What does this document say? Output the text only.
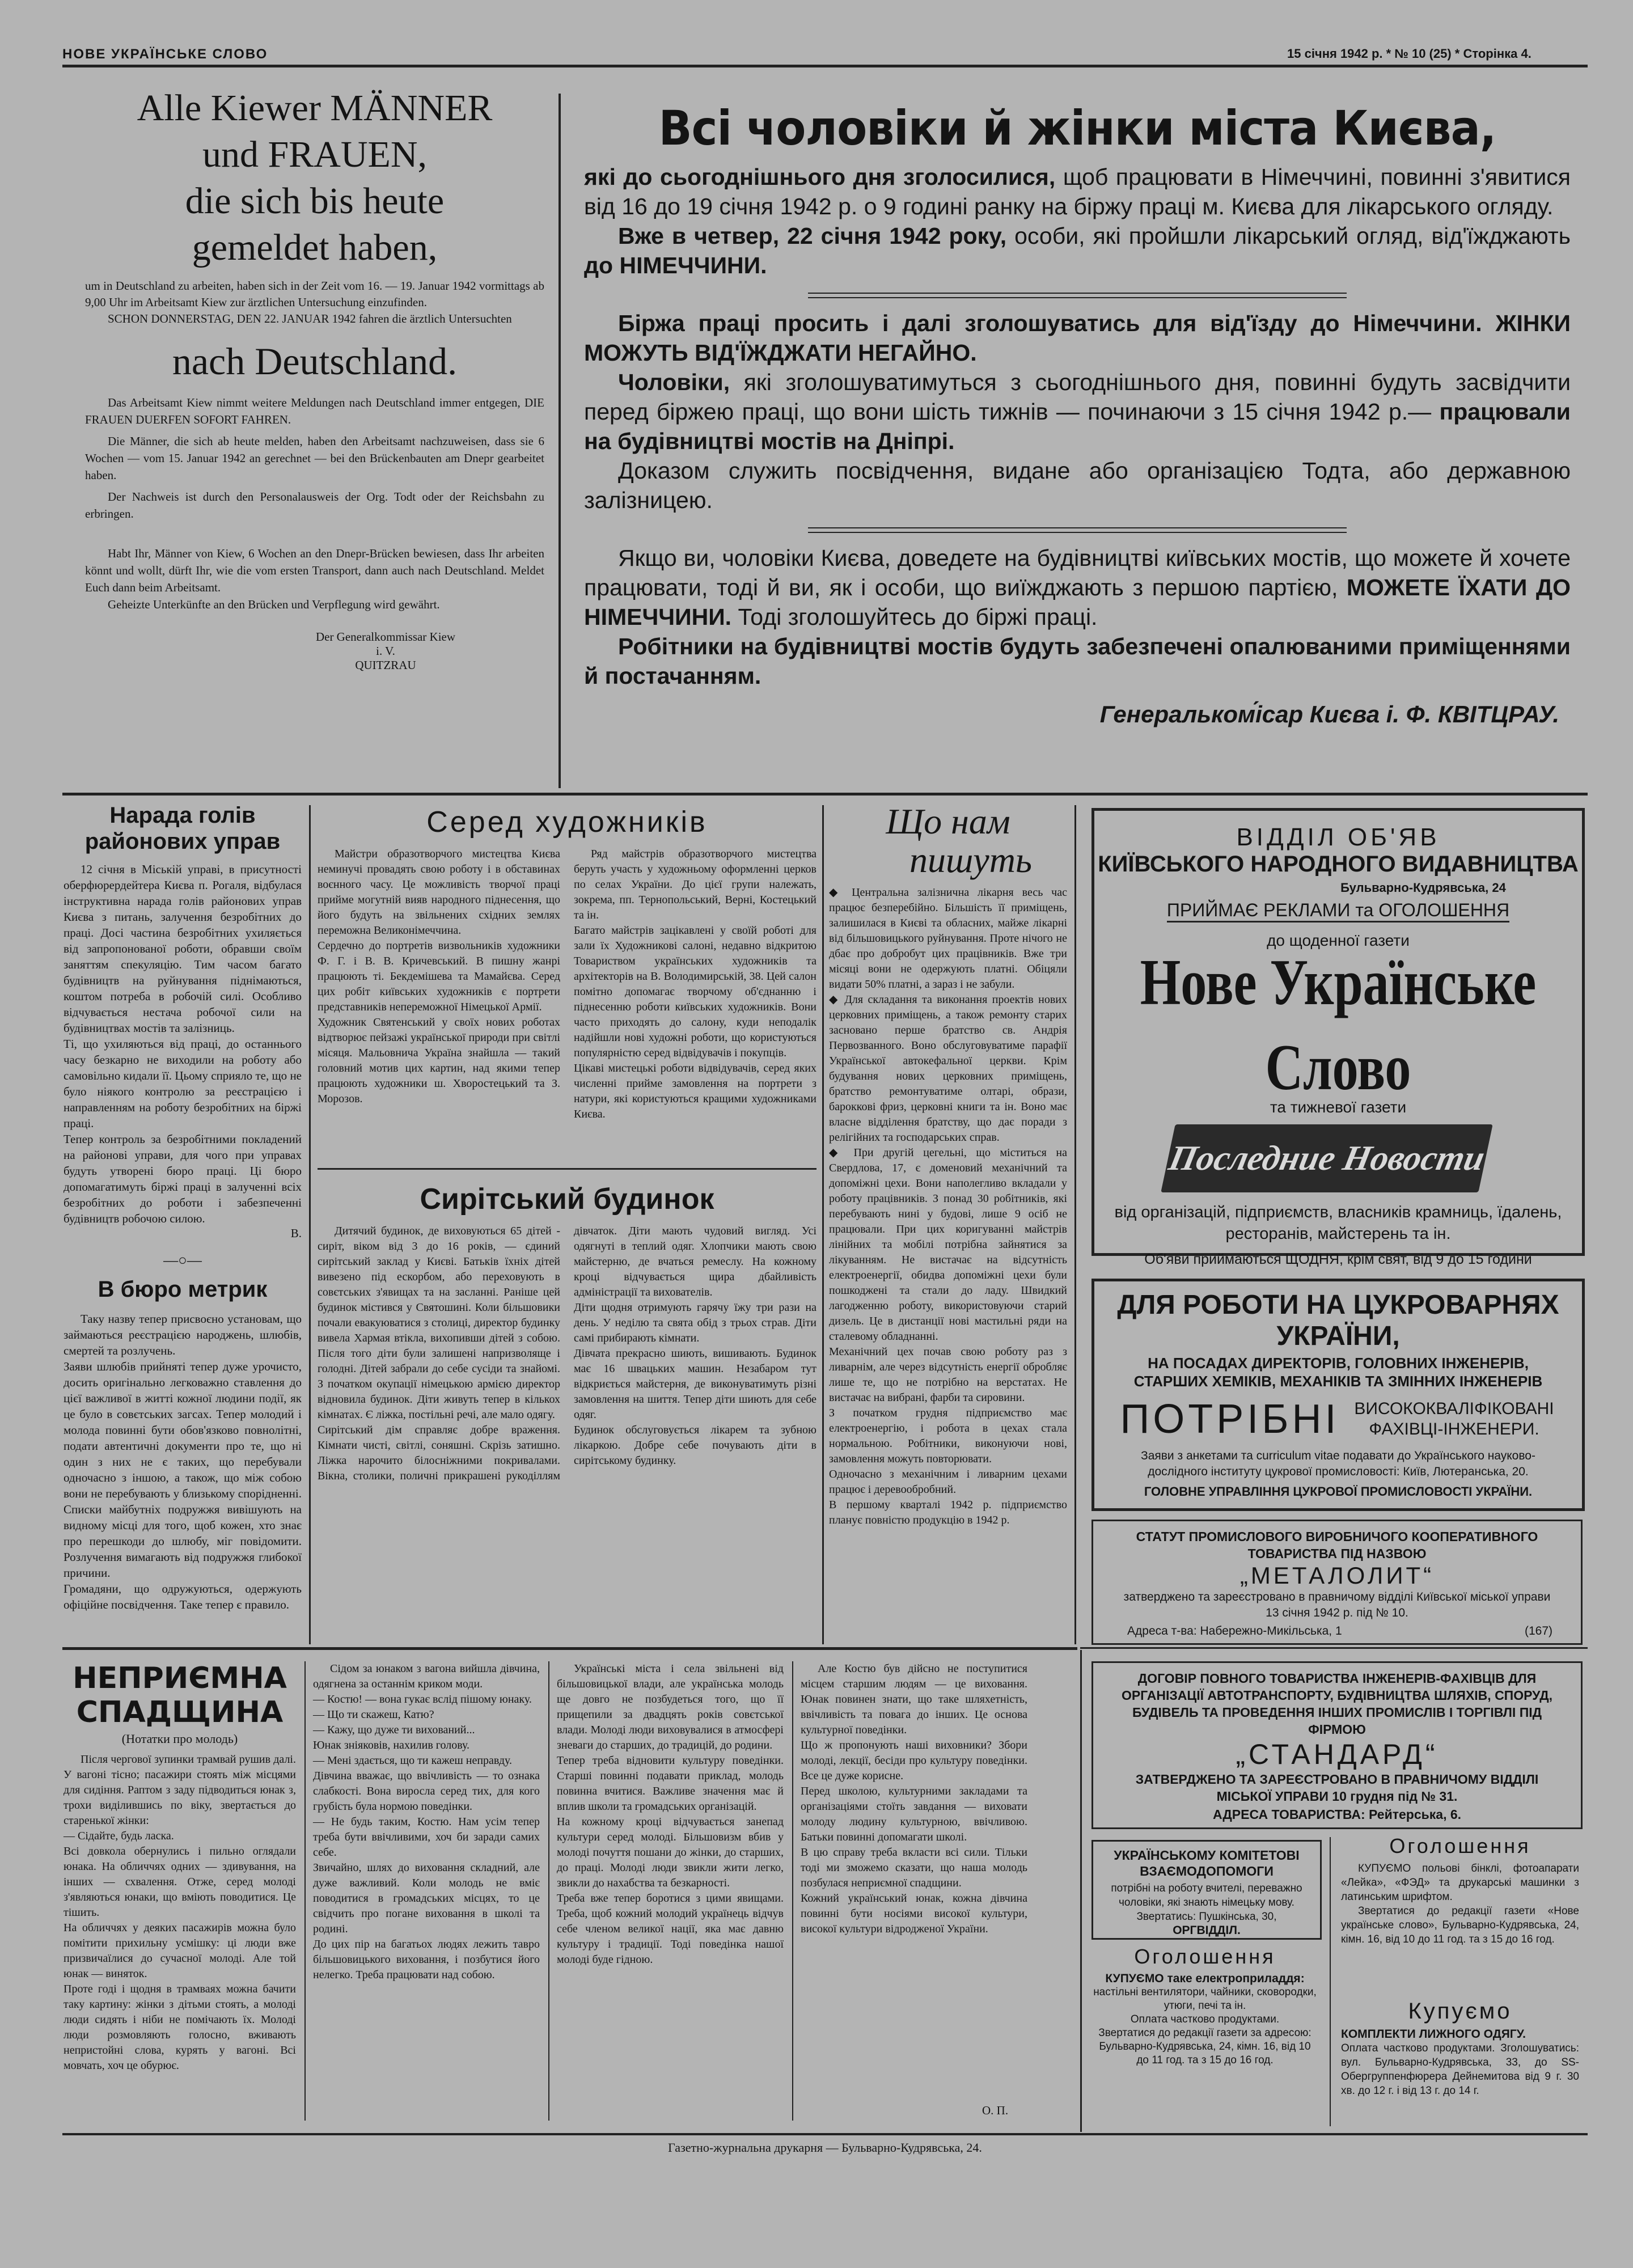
НОВЕ УКРАЇНСЬКЕ СЛОВО	15 січня 1942 р. * № 10 (25) * Сторінка 4.
Alle Kiewer MÄNNER
und FRAUEN,
die sich bis heute
gemeldet haben,

um in Deutschland zu arbeiten, haben sich in der Zeit vom 16. — 19. Januar 1942 vormittags ab 9,00 Uhr im Arbeitsamt Kiew zur ärztlichen Untersuchung einzufinden.

SCHON DONNERSTAG, DEN 22. JANUAR 1942 fahren die ärztlich Untersuchten

nach Deutschland.

Das Arbeitsamt Kiew nimmt weitere Meldungen nach Deutschland immer entgegen, DIE FRAUEN DUERFEN SOFORT FAHREN.

Die Männer, die sich ab heute melden, haben den Arbeitsamt nachzuweisen, dass sie 6 Wochen — vom 15. Januar 1942 an gerechnet — bei den Brückenbauten am Dnepr gearbeitet haben.

Der Nachweis ist durch den Personalausweis der Org. Todt oder der Reichsbahn zu erbringen.

Habt Ihr, Männer von Kiew, 6 Wochen an den Dnepr-Brücken bewiesen, dass Ihr arbeiten könnt und wollt, dürft Ihr, wie die vom ersten Transport, dann auch nach Deutschland. Meldet Euch dann beim Arbeitsamt.

Geheizte Unterkünfte an den Brücken und Verpflegung wird gewährt.

Der Generalkommissar Kiew
i. V.
QUITZRAU
Всі чоловіки й жінки міста Києва,

які до сьогоднішнього дня зголосилися, щоб працювати в Німеччині, повинні з'явитися від 16 до 19 січня 1942 р. о 9 годині ранку на біржу праці м. Києва для лікарського огляду.

Вже в четвер, 22 січня 1942 року, особи, які пройшли лікарський огляд, від'їжджають до НІМЕЧЧИНИ.

Біржа праці просить і далі зголошуватись для від'їзду до Німеччини. ЖІНКИ МОЖУТЬ ВІД'ЇЖДЖАТИ НЕГАЙНО.

Чоловіки, які зголошуватимуться з сьогоднішнього дня, повинні будуть засвідчити перед біржею праці, що вони шість тижнів — починаючи з 15 січня 1942 р.— працювали на будівництві мостів на Дніпрі.

Доказом служить посвідчення, видане або організацією Тодта, або державною залізницею.

Якщо ви, чоловіки Києва, доведете на будівництві київських мостів, що можете й хочете працювати, тоді й ви, як і особи, що виїжджають з першою партією, МОЖЕТЕ ЇХАТИ ДО НІМЕЧЧИНИ. Тоді зголошуйтесь до біржі праці.

Робітники на будівництві мостів будуть забезпечені опалюваними приміщеннями й постачанням.

Генеральком́ісар Києва і. Ф. КВІТЦРАУ.
Нарада голів районових управ

12 січня в Міській управі, в присутності оберфюрердейтера Києва п. Рогаля, відбулася інструктивна нарада голів районових управ Києва з питань, залучення безробітних до праці. Досі частина безробітних ухиляється від запропонованої роботи, обравши своїм заняттям спекуляцію. Тим часом багато будівництв на руйнування піднімаються, коштом потреба в робочій силі. Особливо відчувається нестача робочої сили на будівництвах мостів та залізниць.
Ті, що ухиляються від праці, до останнього часу безкарно не виходили на роботу або самовільно кидали її. Цьому сприяло те, що не було ніякого контролю за реєстрацією і направленням на роботу безробітних на біржі праці.
Тепер контроль за безробітними покладений на районові управи, для чого при управах будуть утворені бюро праці. Ці бюро допомагатимуть біржі праці в залученні всіх безробітних до роботи і забезпеченні будівництв робочою силою.

В.
—○—
В бюро метрик

Таку назву тепер присвоєно установам, що займаються реєстрацією народжень, шлюбів, смертей та розлучень.
Заяви шлюбів прийняті тепер дуже урочисто, досить оригінально легковажно ставлення до цієї важливої в житті кожної людини події, як це було в совєтських загсах. Тепер молодий і молода повинні бути обов'язково повнолітні, подати автентичні документи про те, що ні один з них не є таких, що перебували одночасно з іншою, а також, що між собою вони не перебувають у близькому спорідненні. Списки майбутніх подружжя вивішують на видному місці для того, щоб кожен, хто знає про перешкоди до шлюбу, міг повідомити. Розлучення вимагають від подружжя глибокої причини.
Громадяни, що одружуються, одержують офіційне посвідчення. Таке тепер є правило.

Серед художників

Майстри образотворчого мистецтва Києва неминучі провадять свою роботу і в обставинах воєнного часу. Це можливість творчої праці прийме могутній вияв народного піднесення, що його будуть на звільнених східних землях переможна Великонімеччина.
Сердечно до портретів визвольників художники Ф. Г. і В. В. Кричевський. В пишну жанрі працюють ті. Бекдемішева та Мамайєва. Серед цих робіт київських художників є портрети представників непереможної Німецької Армії.
Художник Святенський у своїх нових роботах відтворює пейзажі української природи при світлі місяця. Мальовнича Україна знайшла — такий головний мотив цих картин, над якими тепер працюють художники ш. Хворостецький та З. Морозов.

Ряд майстрів образотворчого мистецтва беруть участь у художньому оформленні церков по селах України. До цієї групи належать, зокрема, пп. Тернопольський, Верні, Костецький та ін.
Багато майстрів зацікавлені у своїй роботі для зали їх Художникові салоні, недавно відкритою Товариством українських художників та архітекторів на В. Володимирській, 38. Цей салон помітно допомагає творчому об'єднанню і піднесенню роботи київських художників. Вони часто приходять до салону, куди неподалік надійшли нові художні роботи, що користуються популярністю серед відвідувачів і покупців.
Цікаві мистецькі роботи відвідувачів, серед яких численні прийме замовлення на портрети з натури, які користуються кращими художниками Києва.

Сирітський будинок

Дитячий будинок, де виховуються 65 дітей - сиріт, віком від 3 до 16 років, — єдиний сирітський заклад у Києві. Батьків їхніх дітей вивезено під ескорбом, або переховують в совєтських з'явищах та на засланні. Раніше цей будинок містився у Святошині. Коли більшовики почали евакуюватися з столиці, директор будинку вивела Хармая втікла, вихопивши дітей з собою. Після того діти були залишені напризволяще і голодні. Дітей забрали до себе сусіди та знайомі. З початком окупації німецькою армією директор відновила будинок. Діти живуть тепер в кількох кімнатах. Є ліжка, постільні речі, але мало одягу.
Сирітський дім справляє добре враження. Кімнати чисті, світлі, соняшні. Скрізь затишно. Ліжка нарочито білосніжними покривалами. Вікна, столики, поличні прикрашені рукоділлям дівчаток. Діти мають чудовий вигляд. Усі одягнуті в теплий одяг. Хлопчики мають свою майстерню, де вчаться ремеслу. На кожному кроці відчувається щира дбайливість адміністрації та вихователів.
Діти щодня отримують гарячу їжу три рази на день. У неділю та свята обід з трьох страв. Діти самі прибирають кімнати.
Дівчата прекрасно шиють, вишивають. Будинок має 16 швацьких машин. Незабаром тут відкриється майстерня, де виконуватимуть різні замовлення на шиття. Тепер діти шиють для себе одяг.
Будинок обслуговується лікарем та зубною лікаркою. Добре себе почувають діти в сирітському будинку.

Що нам
пишуть

◆ Центральна залізнична лікарня весь час працює безперебійно. Більшість її приміщень, залишилася в Києві та обласних, майже лікарні від більшовицького руйнування. Проте нічого не дбає про добробут цих працівників. Вже три місяці вони не одержують платні. Обіцяли видати 50% платні, а зараз і не забули.
◆ Для складання та виконання проектів нових церковних приміщень, а також ремонту старих засновано першe братство св. Андрія Первозванного. Воно обслуговуватиме парафії Української автокефальної церкви. Крім будування нових церковних приміщень, братство ремонтуватиме олтарі, образи, бароккові фриз, церковні книги та ін. Воно має власне відділення братству, що дає поради з релігійних та господарських справ.
◆ При другій цегельні, що міститься на Свердлова, 17, є доменовий механічний та допоміжні цехи. Вони наполегливо вкладали у роботу працівників. З понад 30 робітників, які перебувають нині у будові, лише 9 осіб не працювали. При цих коригуванні майстрів лінійних та мобілі потрібна зайнятися за лікуванням. Не вистачає на відсутність електроенергії, обидва допоміжні цехи були пошкоджені та стали до ладу. Швидкий лагодженню роботу, використовуючи старий дизель. Це в дистанції нові мастильні ряди на сталевому обладнанні.
Механічний цех почав свою роботу раз з ливарнім, але через відсутність енергії обробляє лише те, що не потрібно на верстатах. Не вистачає на вибрані, фарби та сировини.
З початком грудня підприємство має електроенергію, і робота в цехах стала нормальною. Робітники, виконуючи нові, замовлення можуть повторювати.
Одночасно з механічним і ливарним цехами працює і деревообробний.
В першому кварталі 1942 р. підприємство планує повністю продукцію в 1942 р.

ВІДДІЛ ОБ'ЯВ
КИЇВСЬКОГО НАРОДНОГО ВИДАВНИЦТВА
Бульварно-Кудрявська, 24
ПРИЙМАЄ РЕКЛАМИ та ОГОЛОШЕННЯ
до щоденної газети
Нове Українське Слово
та тижневої газети
Последние Новости
від організацій, підприємств, власників крамниць, їдалень, ресторанів, майстерень та ін.
Об'яви приймаються ЩОДНЯ, крім свят, від 9 до 15 години
ДЛЯ РОБОТИ НА ЦУКРОВАРНЯХ УКРАЇНИ,
НА ПОСАДАХ ДИРЕКТОРІВ, ГОЛОВНИХ ІНЖЕНЕРІВ, СТАРШИХ ХЕМІКІВ, МЕХАНІКІВ ТА ЗМІННИХ ІНЖЕНЕРІВ
ПОТРІБНІ ВИСОКОКВАЛІФІКОВАНІ ФАХІВЦІ-ІНЖЕНЕРИ.
Заяви з анкетами та curriculum vitae подавати до Українського науково-дослідного інституту цукрової промисловості: Київ, Лютеранська, 20.
ГОЛОВНЕ УПРАВЛІННЯ ЦУКРОВОЇ ПРОМИСЛОВОСТІ УКРАЇНИ.
СТАТУТ ПРОМИСЛОВОГО ВИРОБНИЧОГО КООПЕРАТИВНОГО ТОВАРИСТВА ПІД НАЗВОЮ
„МЕТАЛОЛИТ“
затверджено та зареєстровано в правничому відділі Київської міської управи 13 січня 1942 р. під № 10.
Адреса т-ва: Набережно-Микільська, 1	(167)
НЕПРИЄМНА
СПАДЩИНА
(Нотатки про молодь)

Після чергової зупинки трамвай рушив далі. У вагоні тісно; пасажири стоять між місцями для сидіння. Раптом з заду підводиться юнак з, трохи виділившись по віку, звертається до старенької жінки:
— Сідайте, будь ласка.
Всі довкола обернулись і пильно оглядали юнака. На обличчях одних — здивування, на інших — схвалення. Отже, серед молоді з'являються юнаки, що вміють поводитися. Це тішить.
На обличчях у деяких пасажирів можна було помітити прихильну усмішку: ці люди вже призвичаїлися до сучасної молоді. Але той юнак — виняток.
Проте годі і щодня в трамваях можна бачити таку картину: жінки з дітьми стоять, а молоді люди сидять і ніби не помічають їх. Молоді люди розмовляють голосно, вживають непристойні слова, курять у вагоні. Всі мовчать, хоч це обурює.

Сідом за юнаком з вагона вийшла дівчина, одягнена за останнім криком моди.
— Костю! — вона гукає вслід пішому юнаку.
— Що ти скажеш, Катю?
— Кажу, що дуже ти вихований...
Юнак зніяковів, нахилив голову.
— Мені здається, що ти кажеш неправду.
Дівчина вважає, що ввічливість — то ознака слабкості. Вона виросла серед тих, для кого грубість була нормою поведінки.
— Не будь таким, Костю. Нам усім тепер треба бути ввічливими, хоч би заради самих себе.
Звичайно, шлях до виховання складний, але дуже важливий. Коли молодь не вміє поводитися в громадських місцях, то це свідчить про погане виховання в школі та родині.
До цих пір на багатьох людях лежить тавро більшовицького виховання, і позбутися його нелегко. Треба працювати над собою.

Українські міста і села звільнені від більшовицької влади, але українська молодь ще довго не позбудеться того, що її прищепили за двадцять років совєтської влади. Молоді люди виховувалися в атмосфері зневаги до старших, до традицій, до родини.
Тепер треба відновити культуру поведінки. Старші повинні подавати приклад, молодь повинна вчитися. Важливе значення має й вплив школи та громадських організацій.
На кожному кроці відчувається занепад культури серед молоді. Більшовизм вбив у молоді почуття пошани до жінки, до старших, до праці. Молоді люди звикли жити легко, звикли до нахабства та безкарності.
Треба вже тепер боротися з цими явищами. Треба, щоб кожний молодий українець відчув себе членом великої нації, яка має давню культуру і традиції. Тоді поведінка нашої молоді буде гідною.

Але Костю був дійсно не поступитися місцем старшим людям — це виховання. Юнак повинен знати, що таке шляхетність, ввічливість та повага до інших. Це основа культурної поведінки.
Що ж пропонують наші виховники? Збори молоді, лекції, бесіди про культуру поведінки. Все це дуже корисне.
Перед школою, культурними закладами та організаціями стоїть завдання — виховати молоду людину культурною, ввічливою. Батьки повинні допомагати школі.
В цю справу треба вкласти всі сили. Тільки тоді ми зможемо сказати, що наша молодь позбулася неприємної спадщини.
Кожний український юнак, кожна дівчина повинні бути носіями високої культури, високої культури відродженої України.

О. П.
ДОГОВІР ПОВНОГО ТОВАРИСТВА ІНЖЕНЕРІВ-ФАХІВЦІВ ДЛЯ ОРГАНІЗАЦІЇ АВТОТРАНСПОРТУ, БУДІВНИЦТВА ШЛЯХІВ, СПОРУД, БУДІВЕЛЬ ТА ПРОВЕДЕННЯ ІНШИХ ПРОМИСЛІВ І ТОРГІВЛІ ПІД ФІРМОЮ
„СТАНДАРД“
ЗАТВЕРДЖЕНО ТА ЗАРЕЄСТРОВАНО В ПРАВНИЧОМУ ВІДДІЛІ МІСЬКОЇ УПРАВИ 10 грудня під № 31.
АДРЕСА ТОВАРИСТВА: Рейтерська, 6.
УКРАЇНСЬКОМУ КОМІТЕТОВІ ВЗАЄМОДОПОМОГИ
потрібні на роботу вчителі, переважно чоловіки, які знають німецьку мову. Звертатись: Пушкінська, 30,
ОРГВІДДІЛ.
Оголошення
КУПУЄМО таке електроприладдя:
настільні вентилятори, чайники, сковородки, утюги, печі та ін.
Оплата частково продуктами.
Звертатися до редакції газети за адресою: Бульварно-Кудрявська, 24, кімн. 16, від 10 до 11 год. та з 15 до 16 год.
Оголошення
КУПУЄМО польові бінклі, фотоапарати «Лейка», «ФЭД» та друкарські машинки з латинським шрифтом.
Звертатися до редакції газети «Нове українське слово», Бульварно-Кудрявська, 24, кімн. 16, від 10 до 11 год. та з 15 до 16 год.
Купуємо
КОМПЛЕКТИ ЛИЖНОГО ОДЯГУ.
Оплата частково продуктами. Зголошуватись: вул. Бульварно-Кудрявська, 33, до SS-Обергруппенфюрера Дейнемитова від 9 г. 30 хв. до 12 г. і від 13 г. до 14 г.
Газетно-журнальна друкарня — Бульварно-Кудрявська, 24.
